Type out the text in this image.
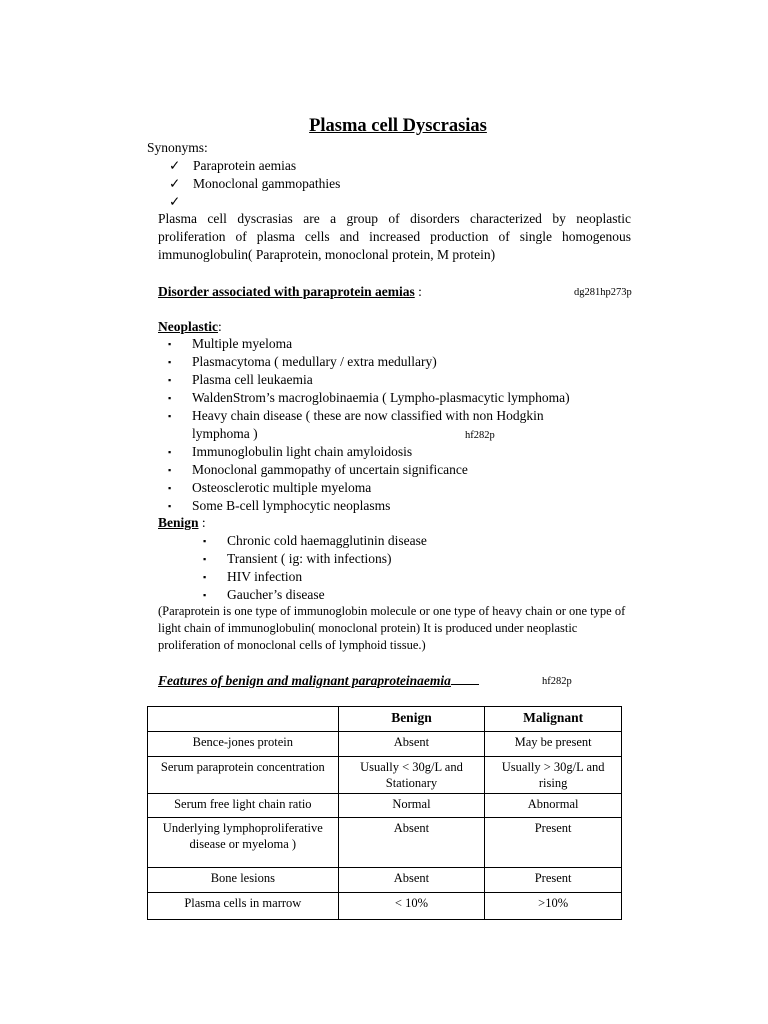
Plasma cell Dyscrasias
Synonyms:
✓ Paraprotein aemias
✓ Monoclonal gammopathies
✓
Plasma cell dyscrasias are a group of disorders characterized by neoplastic proliferation of plasma cells and increased production of single homogenous immunoglobulin( Paraprotein, monoclonal protein, M protein)
Disorder associated with paraprotein aemias :	dg281hp273p
Neoplastic:
▪ Multiple myeloma
▪ Plasmacytoma ( medullary / extra medullary)
▪ Plasma cell leukaemia
▪ WaldenStrom’s macroglobinaemia ( Lympho-plasmacytic lymphoma)
▪ Heavy chain disease ( these are now classified with non Hodgkin
lymphoma )	hf282p
▪ Immunoglobulin light chain amyloidosis
▪ Monoclonal gammopathy of uncertain significance
▪ Osteosclerotic multiple myeloma
▪ Some B-cell lymphocytic neoplasms
Benign :
▪ Chronic cold haemagglutinin disease
▪ Transient ( ig: with infections)
▪ HIV infection
▪ Gaucher’s disease
(Paraprotein is one type of immunoglobin molecule or one type of heavy chain or one type of light chain of immunoglobulin( monoclonal protein) It is produced under neoplastic proliferation of monoclonal cells of lymphoid tissue.)
Features of benign and malignant paraproteinaemia	hf282p
	Benign	Malignant
Bence-jones protein	Absent	May be present
Serum paraprotein concentration	Usually < 30g/L and Stationary	Usually > 30g/L and rising
Serum free light chain ratio	Normal	Abnormal
Underlying lymphoproliferative disease or myeloma )	Absent	Present
Bone lesions	Absent	Present
Plasma cells in marrow	< 10%	>10%
